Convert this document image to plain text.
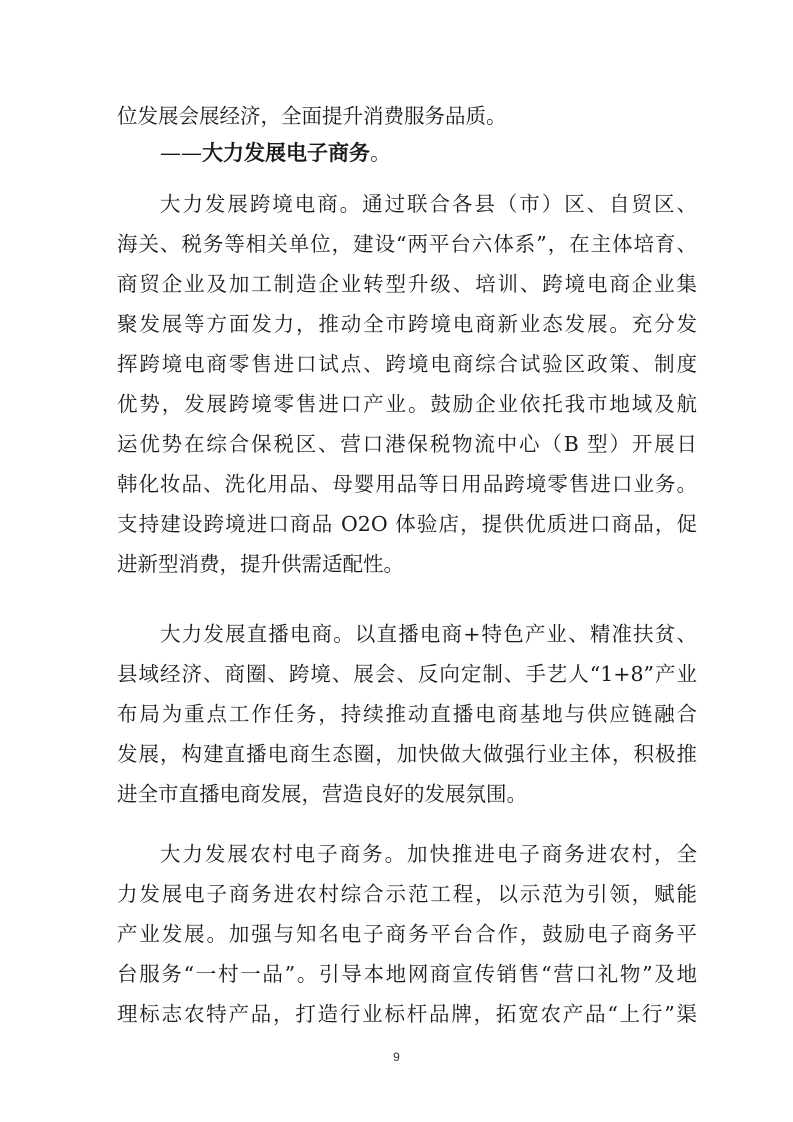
位发展会展经济，全面提升消费服务品质。
——大力发展电子商务。
大力发展跨境电商。通过联合各县（市）区、自贸区、
海关、税务等相关单位，建设“两平台六体系”，在主体培育、
商贸企业及加工制造企业转型升级、培训、跨境电商企业集
聚发展等方面发力，推动全市跨境电商新业态发展。充分发
挥跨境电商零售进口试点、跨境电商综合试验区政策、制度
优势，发展跨境零售进口产业。鼓励企业依托我市地域及航
运优势在综合保税区、营口港保税物流中心（B 型）开展日
韩化妆品、洗化用品、母婴用品等日用品跨境零售进口业务。
支持建设跨境进口商品 O2O 体验店，提供优质进口商品，促
进新型消费，提升供需适配性。
大力发展直播电商。以直播电商+特色产业、精准扶贫、
县域经济、商圈、跨境、展会、反向定制、手艺人“1+8”产业
布局为重点工作任务，持续推动直播电商基地与供应链融合
发展，构建直播电商生态圈，加快做大做强行业主体，积极推
进全市直播电商发展，营造良好的发展氛围。
大力发展农村电子商务。加快推进电子商务进农村，全
力发展电子商务进农村综合示范工程，以示范为引领，赋能
产业发展。加强与知名电子商务平台合作，鼓励电子商务平
台服务“一村一品”。引导本地网商宣传销售“营口礼物”及地
理标志农特产品，打造行业标杆品牌，拓宽农产品“上行”渠
9
